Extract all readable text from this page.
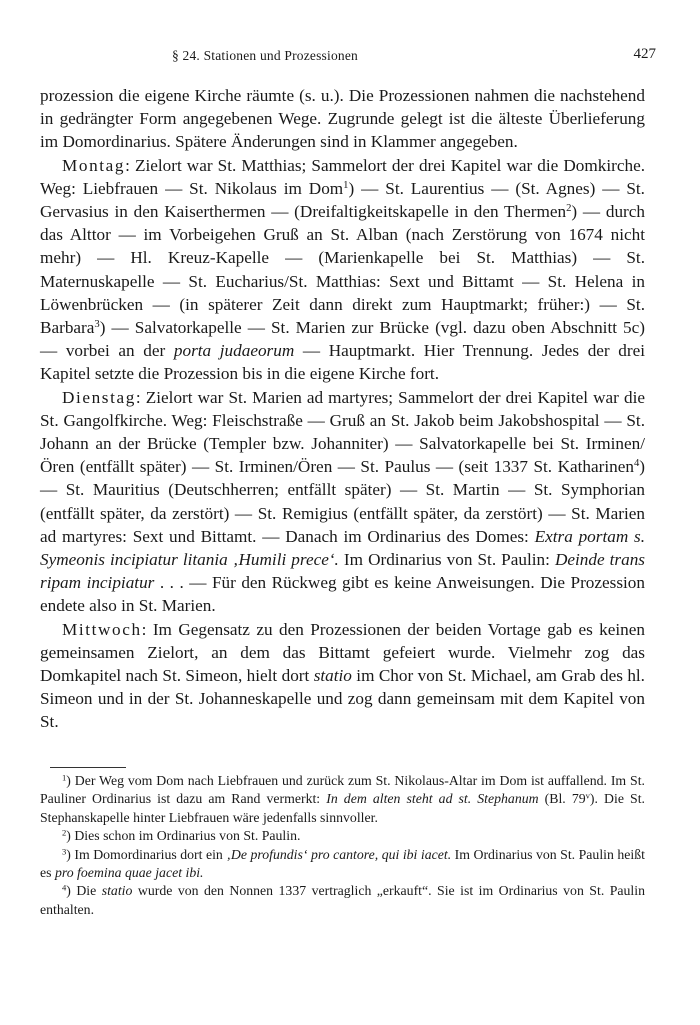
§ 24. Stationen und Prozessionen	427

prozession die eigene Kirche räumte (s. u.). Die Prozessionen nahmen die nachstehend in gedrängter Form angegebenen Wege. Zugrunde gelegt ist die älteste Überlieferung im Domordinarius. Spätere Änderungen sind in Klammer angegeben.

Montag: Zielort war St. Matthias; Sammelort der drei Kapitel war die Domkirche. Weg: Liebfrauen — St. Nikolaus im Dom$^1$) — St. Laurentius — (St. Agnes) — St. Gervasius in den Kaiserthermen — (Dreifaltigkeitskapelle in den Thermen$^2$) — durch das Alttor — im Vorbeigehen Gruß an St. Alban (nach Zerstörung von 1674 nicht mehr) — Hl. Kreuz-Kapelle — (Marienkapelle bei St. Matthias) — St. Maternuskapelle — St. Eucharius/St. Matthias: Sext und Bittamt — St. Helena in Löwenbrücken — (in späterer Zeit dann direkt zum Hauptmarkt; früher:) — St. Barbara$^3$) — Salvatorkapelle — St. Marien zur Brücke (vgl. dazu oben Abschnitt 5c) — vorbei an der porta judaeorum — Hauptmarkt. Hier Trennung. Jedes der drei Kapitel setzte die Prozession bis in die eigene Kirche fort.

Dienstag: Zielort war St. Marien ad martyres; Sammelort der drei Kapitel war die St. Gangolfkirche. Weg: Fleischstraße — Gruß an St. Jakob beim Jakobshospital — St. Johann an der Brücke (Templer bzw. Johanniter) — Salvatorkapelle bei St. Irminen/Ören (entfällt später) — St. Irminen/Ören — St. Paulus — (seit 1337 St. Katharinen$^4$) — St. Mauritius (Deutschherren; entfällt später) — St. Martin — St. Symphorian (entfällt später, da zerstört) — St. Remigius (entfällt später, da zerstört) — St. Marien ad martyres: Sext und Bittamt. — Danach im Ordinarius des Domes: Extra portam s. Symeonis incipiatur litania ‚Humili prece‘. Im Ordinarius von St. Paulin: Deinde trans ripam incipiatur . . . — Für den Rückweg gibt es keine Anweisungen. Die Prozession endete also in St. Marien.

Mittwoch: Im Gegensatz zu den Prozessionen der beiden Vortage gab es keinen gemeinsamen Zielort, an dem das Bittamt gefeiert wurde. Vielmehr zog das Domkapitel nach St. Simeon, hielt dort statio im Chor von St. Michael, am Grab des hl. Simeon und in der St. Johanneskapelle und zog dann gemeinsam mit dem Kapitel von St.

$^1$) Der Weg vom Dom nach Liebfrauen und zurück zum St. Nikolaus-Altar im Dom ist auffallend. Im St. Pauliner Ordinarius ist dazu am Rand vermerkt: In dem alten steht ad st. Stephanum (Bl. 79$^v$). Die St. Stephanskapelle hinter Liebfrauen wäre jedenfalls sinnvoller.

$^2$) Dies schon im Ordinarius von St. Paulin.

$^3$) Im Domordinarius dort ein ‚De profundis‘ pro cantore, qui ibi iacet. Im Ordinarius von St. Paulin heißt es pro foemina quae jacet ibi.

$^4$) Die statio wurde von den Nonnen 1337 vertraglich „erkauft“. Sie ist im Ordinarius von St. Paulin enthalten.
